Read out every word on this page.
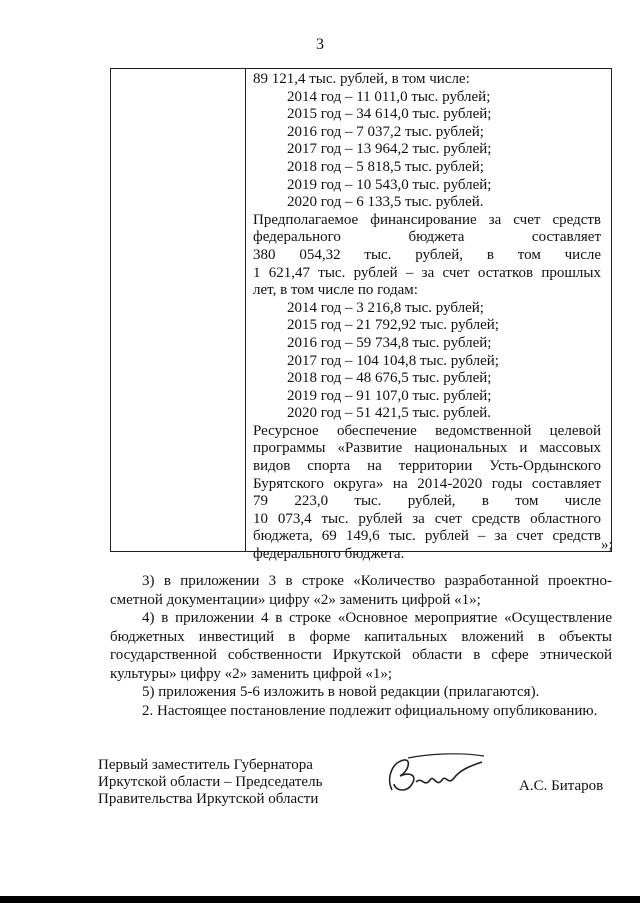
3
89 121,4 тыс. рублей, в том числе:
2014 год – 11 011,0 тыс. рублей;
2015 год – 34 614,0 тыс. рублей;
2016 год – 7 037,2 тыс. рублей;
2017 год – 13 964,2 тыс. рублей;
2018 год – 5 818,5 тыс. рублей;
2019 год – 10 543,0 тыс. рублей;
2020 год – 6 133,5 тыс. рублей.
Предполагаемое финансирование за счет средств
федерального бюджета составляет
380 054,32 тыс. рублей, в том числе
1 621,47 тыс. рублей – за счет остатков прошлых
лет, в том числе по годам:
2014 год – 3 216,8 тыс. рублей;
2015 год – 21 792,92 тыс. рублей;
2016 год – 59 734,8 тыс. рублей;
2017 год – 104 104,8 тыс. рублей;
2018 год – 48 676,5 тыс. рублей;
2019 год – 91 107,0 тыс. рублей;
2020 год – 51 421,5 тыс. рублей.
Ресурсное обеспечение ведомственной целевой
программы «Развитие национальных и массовых
видов спорта на территории Усть-Ордынского
Бурятского округа» на 2014-2020 годы составляет
79 223,0 тыс. рублей, в том числе
10 073,4 тыс. рублей за счет средств областного
бюджета, 69 149,6 тыс. рублей – за счет средств
федерального бюджета.
»;

3) в приложении 3 в строке «Количество разработанной проектно-

сметной документации» цифру «2» заменить цифрой «1»;

4) в приложении 4 в строке «Основное мероприятие «Осуществление

бюджетных инвестиций в форме капитальных вложений в объекты

государственной собственности Иркутской области в сфере этнической

культуры» цифру «2» заменить цифрой «1»;

5) приложения 5-6 изложить в новой редакции (прилагаются).

2. Настоящее постановление подлежит официальному опубликованию.

Первый заместитель Губернатора
Иркутской области – Председатель
Правительства Иркутской области
А.С. Битаров
